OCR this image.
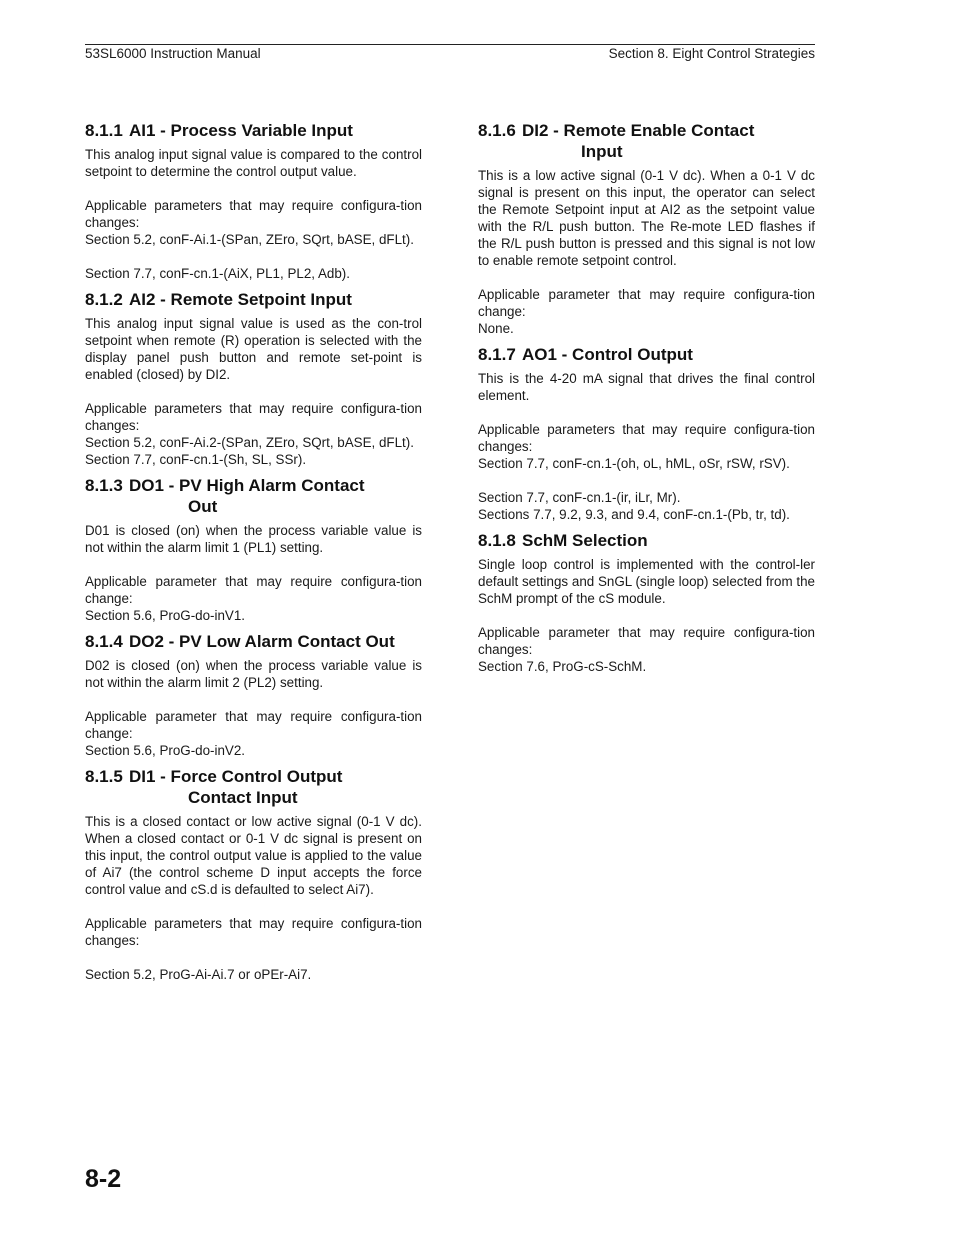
53SL6000 Instruction Manual	Section 8. Eight Control Strategies
8.1.1 AI1 - Process Variable Input
This analog input signal value is compared to the control setpoint to determine the control output value.
Applicable parameters that may require configura-tion changes:
Section 5.2, conF-Ai.1-(SPan, ZEro, SQrt, bASE, dFLt).
Section 7.7, conF-cn.1-(AiX, PL1, PL2, Adb).
8.1.2 AI2 - Remote Setpoint Input
This analog input signal value is used as the con-trol setpoint when remote (R) operation is selected with the display panel push button and remote set-point is enabled (closed) by DI2.
Applicable parameters that may require configura-tion changes:
Section 5.2, conF-Ai.2-(SPan, ZEro, SQrt, bASE, dFLt).
Section 7.7, conF-cn.1-(Sh, SL, SSr).
8.1.3 DO1 - PV High Alarm Contact
Out
D01 is closed (on) when the process variable value is not within the alarm limit 1 (PL1) setting.
Applicable parameter that may require configura-tion change:
Section 5.6, ProG-do-inV1.
8.1.4 DO2 - PV Low Alarm Contact Out
D02 is closed (on) when the process variable value is not within the alarm limit 2 (PL2) setting.
Applicable parameter that may require configura-tion change:
Section 5.6, ProG-do-inV2.
8.1.5 DI1 - Force Control Output
Contact Input
This is a closed contact or low active signal (0-1 V dc). When a closed contact or 0-1 V dc signal is present on this input, the control output value is applied to the value of Ai7 (the control scheme D input accepts the force control value and cS.d is defaulted to select Ai7).
Applicable parameters that may require configura-tion changes:
Section 5.2, ProG-Ai-Ai.7 or oPEr-Ai7.
8.1.6 DI2 - Remote Enable Contact
Input
This is a low active signal (0-1 V dc). When a 0-1 V dc signal is present on this input, the operator can select the Remote Setpoint input at AI2 as the setpoint value with the R/L push button. The Re-mote LED flashes if the R/L push button is pressed and this signal is not low to enable remote setpoint control.
Applicable parameter that may require configura-tion change:
None.
8.1.7 AO1 - Control Output
This is the 4-20 mA signal that drives the final control element.
Applicable parameters that may require configura-tion changes:
Section 7.7, conF-cn.1-(oh, oL, hML, oSr, rSW, rSV).
Section 7.7, conF-cn.1-(ir, iLr, Mr).
Sections 7.7, 9.2, 9.3, and 9.4, conF-cn.1-(Pb, tr, td).
8.1.8 SchM Selection
Single loop control is implemented with the control-ler default settings and SnGL (single loop) selected from the SchM prompt of the cS module.
Applicable parameter that may require configura-tion changes:
Section 7.6, ProG-cS-SchM.
8-2
